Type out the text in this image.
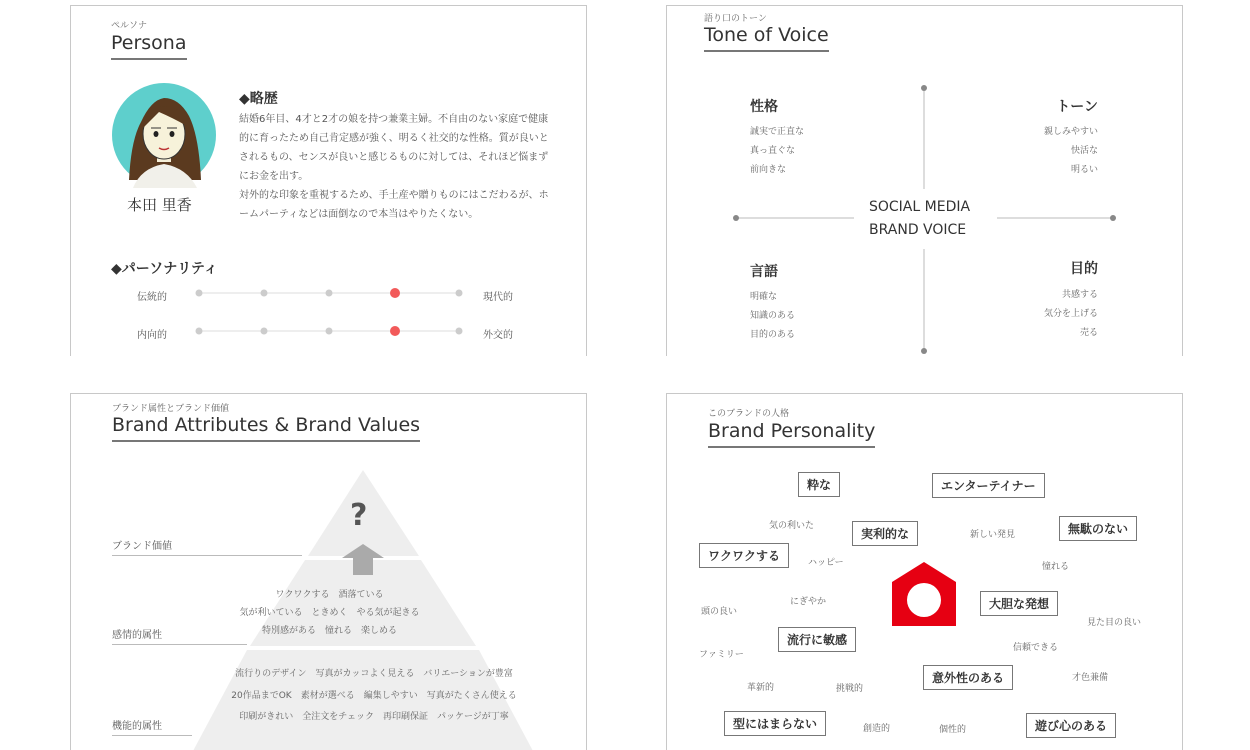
ペルソナ
Persona
本田 里香
◆略歴
結婚6年目、4才と2才の娘を持つ兼業主婦。不自由のない家庭で健康的に育ったため自己肯定感が強く、明るく社交的な性格。質が良いとされるもの、センスが良いと感じるものに対しては、それほど悩まずにお金を出す。
対外的な印象を重視するため、手土産や贈りものにはこだわるが、ホームパーティなどは面倒なので本当はやりたくない。
◆パーソナリティ
伝統的	現代的
内向的	外交的
語り口のトーン
Tone of Voice
SOCIAL MEDIA
BRAND VOICE
性格
誠実で正直な
真っ直ぐな
前向きな
トーン
親しみやすい
快活な
明るい
言語
明確な
知識のある
目的のある
目的
共感する
気分を上げる
売る
ブランド属性とブランド価値
Brand Attributes & Brand Values
?
ブランド価値
感情的属性
機能的属性
ワクワクする　酒落ている
気が利いている　ときめく　やる気が起きる
特別感がある　憧れる　楽しめる
流行りのデザイン　写真がカッコよく見える　バリエーションが豊富
20作品までOK　素材が選べる　編集しやすい　写真がたくさん使える
印刷がきれい　全注文をチェック　再印刷保証　パッケージが丁寧
このブランドの人格
Brand Personality
粋な	エンターテイナー
実利的な	無駄のない
ワクワクする
大胆な発想
流行に敏感
意外性のある
型にはまらない	遊び心のある
気の利いた
新しい発見
ハッピー	憧れる
にぎやか
頭の良い
見た目の良い
信頼できる
ファミリー
才色兼備
革新的	挑戦的
創造的	個性的
